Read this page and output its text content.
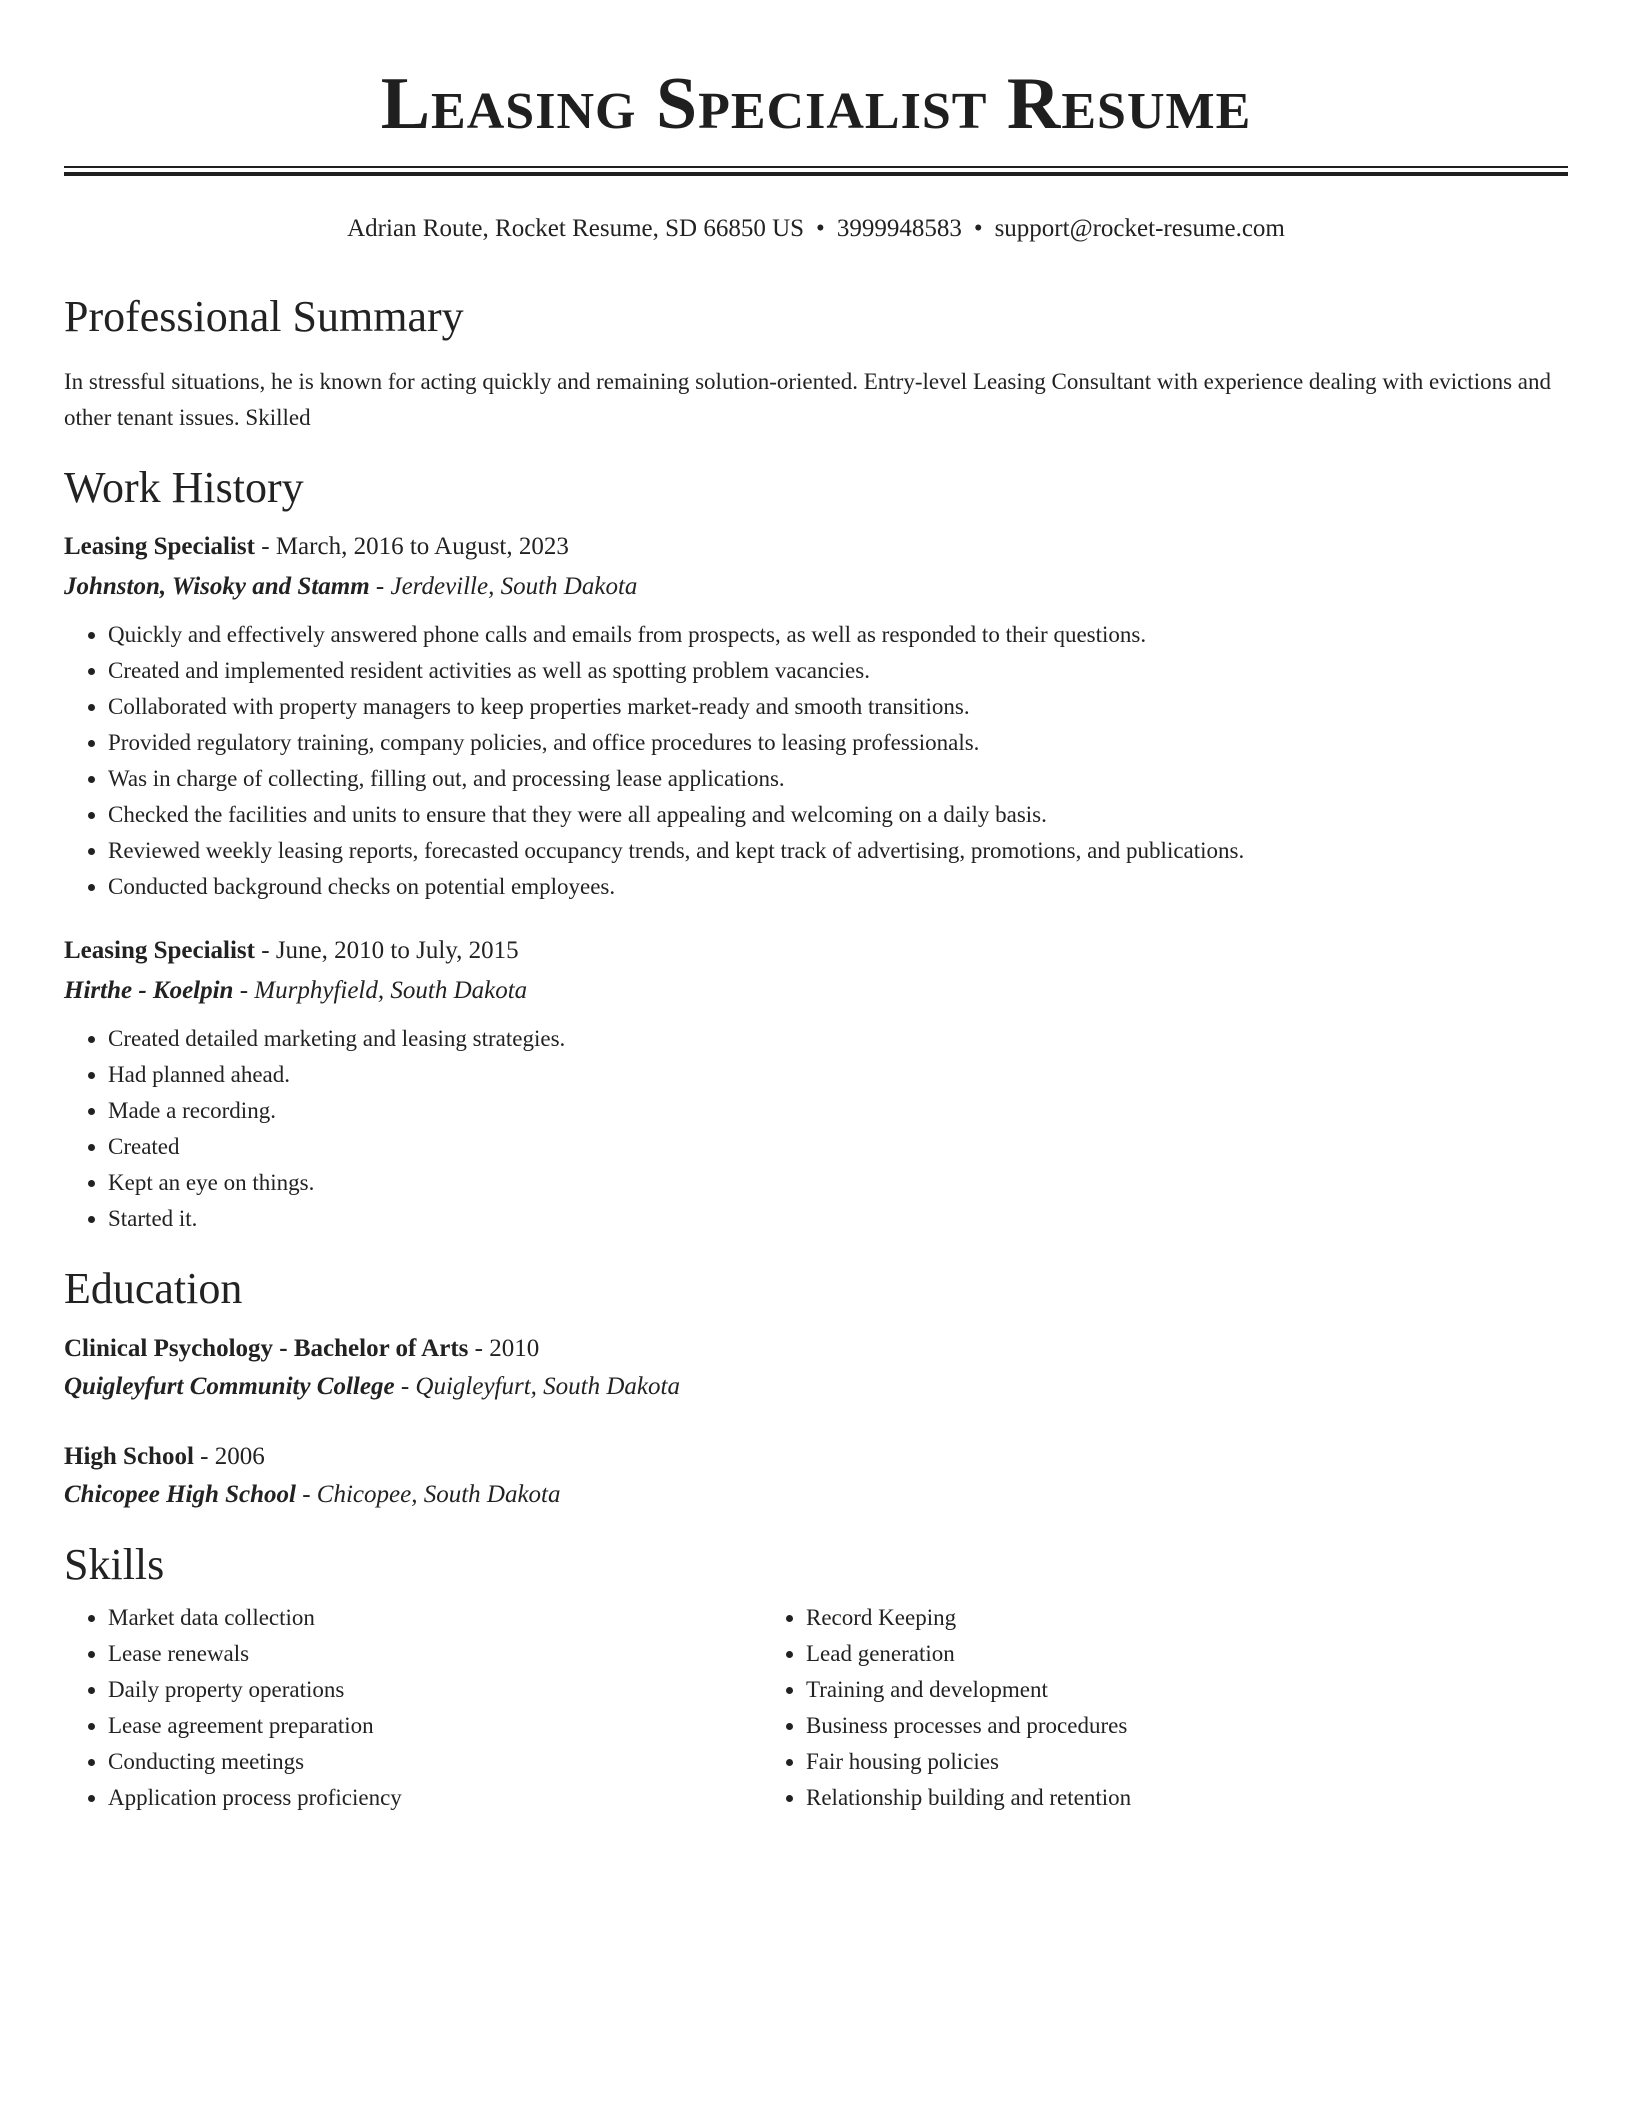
Leasing Specialist Resume
Adrian Route, Rocket Resume, SD 66850 US • 3999948583 • support@rocket-resume.com
Professional Summary
In stressful situations, he is known for acting quickly and remaining solution-oriented. Entry-level Leasing Consultant with experience dealing with evictions and other tenant issues. Skilled
Work History
Leasing Specialist - March, 2016 to August, 2023
Johnston, Wisoky and Stamm - Jerdeville, South Dakota
• Quickly and effectively answered phone calls and emails from prospects, as well as responded to their questions.
• Created and implemented resident activities as well as spotting problem vacancies.
• Collaborated with property managers to keep properties market-ready and smooth transitions.
• Provided regulatory training, company policies, and office procedures to leasing professionals.
• Was in charge of collecting, filling out, and processing lease applications.
• Checked the facilities and units to ensure that they were all appealing and welcoming on a daily basis.
• Reviewed weekly leasing reports, forecasted occupancy trends, and kept track of advertising, promotions, and publications.
• Conducted background checks on potential employees.
Leasing Specialist - June, 2010 to July, 2015
Hirthe - Koelpin - Murphyfield, South Dakota
• Created detailed marketing and leasing strategies.
• Had planned ahead.
• Made a recording.
• Created
• Kept an eye on things.
• Started it.
Education
Clinical Psychology - Bachelor of Arts - 2010
Quigleyfurt Community College - Quigleyfurt, South Dakota
High School - 2006
Chicopee High School - Chicopee, South Dakota
Skills
• Market data collection
• Lease renewals
• Daily property operations
• Lease agreement preparation
• Conducting meetings
• Application process proficiency
• Record Keeping
• Lead generation
• Training and development
• Business processes and procedures
• Fair housing policies
• Relationship building and retention
